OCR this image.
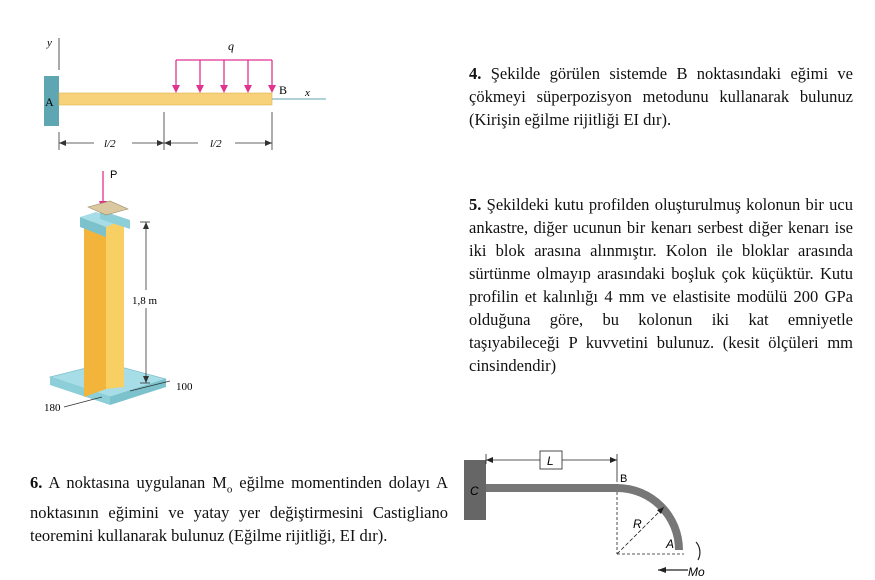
y
A
x
B
q
l/2	l/2
P
1,8 m
100
180
C
L
B
R
A
Mo
4. Şekilde görülen sistemde B noktasındaki eğimi ve çökmeyi süperpozisyon metodunu kullanarak bulunuz (Kirişin eğilme rijitliği EI dır).
5. Şekildeki kutu profilden oluşturulmuş kolonun bir ucu ankastre, diğer ucunun bir kenarı serbest diğer kenarı ise iki blok arasına alınmıştır. Kolon ile bloklar arasında sürtünme olmayıp arasındaki boşluk çok küçüktür. Kutu profilin et kalınlığı 4 mm ve elastisite modülü 200 GPa olduğuna göre, bu kolonun iki kat emniyetle taşıyabileceği P kuvvetini bulunuz. (kesit ölçüleri mm cinsindendir)
6. A noktasına uygulanan $M_o$ eğilme momentinden dolayı A noktasının eğimini ve yatay yer değiştirmesini Castigliano teoremini kullanarak bulunuz (Eğilme rijitliği, EI dır).
